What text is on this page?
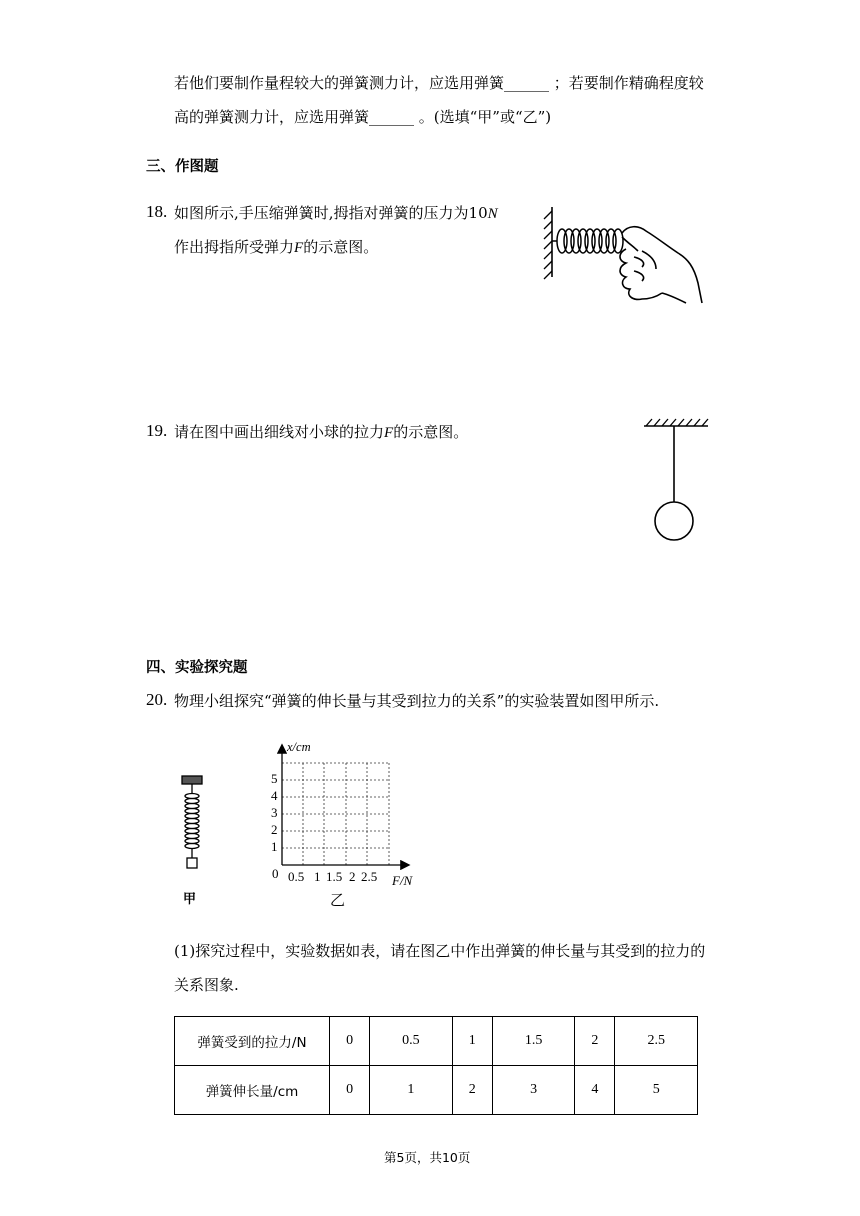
若他们要制作量程较大的弹簧测力计，应选用弹簧______ ；若要制作精确程度较
高的弹簧测力计，应选用弹簧______ 。(选填“甲”或“乙”)
三、作图题
18. 如图所示,手压缩弹簧时,拇指对弹簧的压力为10N
作出拇指所受弹力F的示意图。
19. 请在图中画出细线对小球的拉力F的示意图。
四、实验探究题
20. 物理小组探究“弹簧的伸长量与其受到拉力的关系”的实验装置如图甲所示.
甲
x/cm
F/N
0
1
2
3
4
5
0.5 1 1.5 2 2.5
乙
(1)探究过程中，实验数据如表，请在图乙中作出弹簧的伸长量与其受到的拉力的
关系图象.
弹簧受到的拉力/N	0	0.5	1	1.5	2	2.5
弹簧伸长量/cm	0	1	2	3	4	5
第5页，共10页
